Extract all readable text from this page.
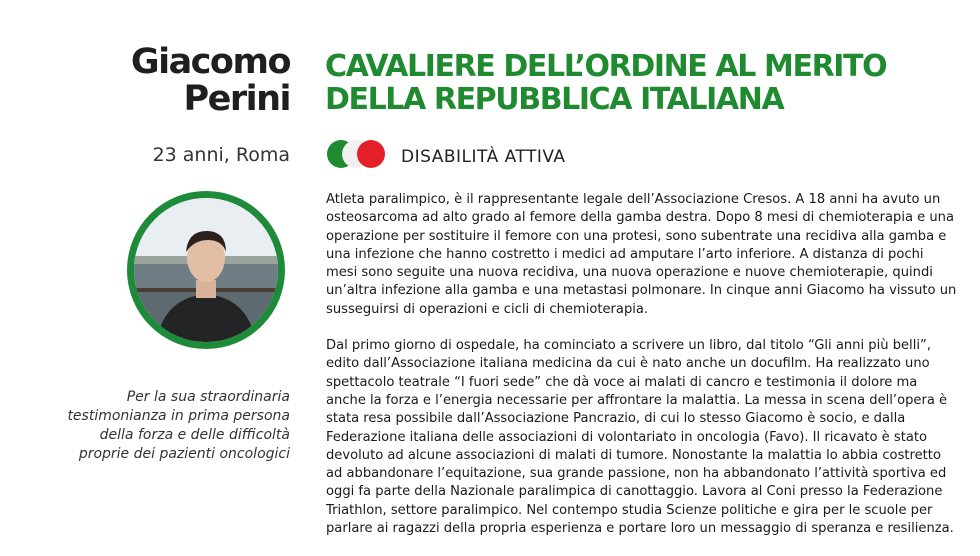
Giacomo
Perini
23 anni, Roma
Per la sua straordinaria testimonianza in prima persona della forza e delle difficoltà proprie dei pazienti oncologici
CAVALIERE DELL’ORDINE AL MERITO
DELLA REPUBBLICA ITALIANA
DISABILITÀ ATTIVA

Atleta paralimpico, è il rappresentante legale dell’Associazione Cresos. A 18 anni ha avuto un osteosarcoma ad alto grado al femore della gamba destra. Dopo 8 mesi di chemioterapia e una operazione per sostituire il femore con una protesi, sono subentrate una recidiva alla gamba e una infezione che hanno costretto i medici ad amputare l’arto inferiore. A distanza di pochi mesi sono seguite una nuova recidiva, una nuova operazione e nuove chemioterapie, quindi un’altra infezione alla gamba e una metastasi polmonare. In cinque anni Giacomo ha vissuto un susseguirsi di operazioni e cicli di chemioterapia.

Dal primo giorno di ospedale, ha cominciato a scrivere un libro, dal titolo “Gli anni più belli”, edito dall’Associazione italiana medicina da cui è nato anche un docufilm. Ha realizzato uno spettacolo teatrale “I fuori sede” che dà voce ai malati di cancro e testimonia il dolore ma anche la forza e l’energia necessarie per affrontare la malattia. La messa in scena dell’opera è stata resa possibile dall’Associazione Pancrazio, di cui lo stesso Giacomo è socio, e dalla Federazione italiana delle associazioni di volontariato in oncologia (Favo). Il ricavato è stato devoluto ad alcune associazioni di malati di tumore. Nonostante la malattia lo abbia costretto ad abbandonare l’equitazione, sua grande passione, non ha abbandonato l’attività sportiva ed oggi fa parte della Nazionale paralimpica di canottaggio. Lavora al Coni presso la Federazione Triathlon, settore paralimpico. Nel contempo studia Scienze politiche e gira per le scuole per parlare ai ragazzi della propria esperienza e portare loro un messaggio di speranza e resilienza.
